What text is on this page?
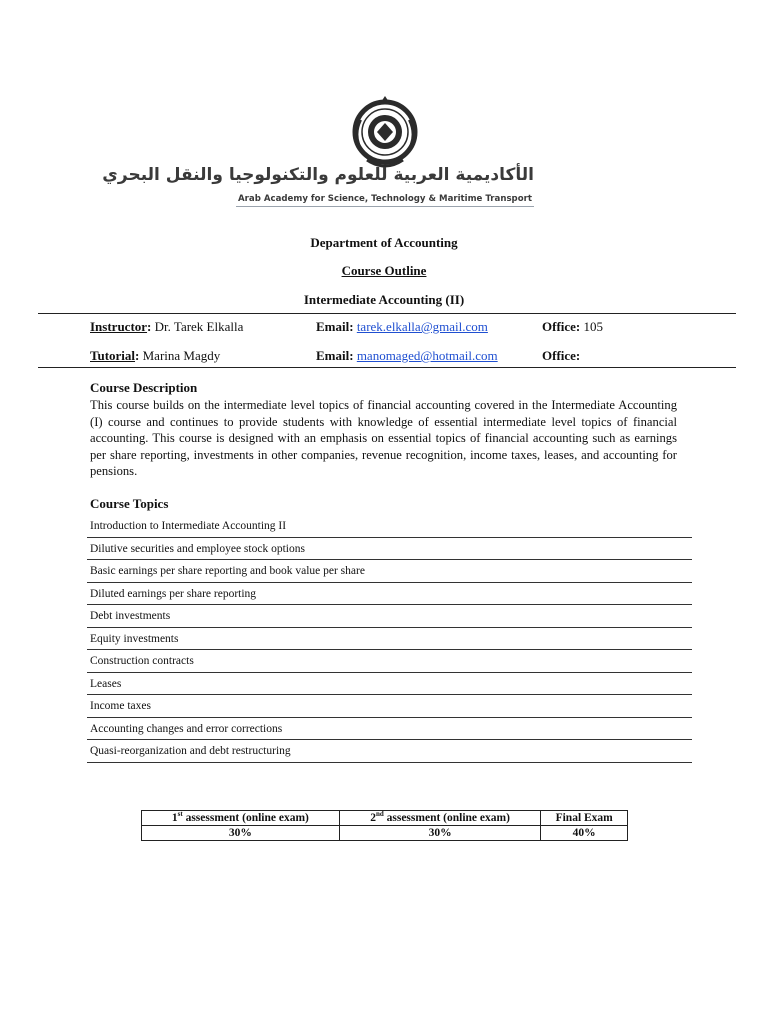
الأكاديمية العربية للعلوم والتكنولوجيا والنقل البحري
Arab Academy for Science, Technology & Maritime Transport
Department of Accounting
Course Outline
Intermediate Accounting (II)
Instructor: Dr. Tarek Elkalla	Email: tarek.elkalla@gmail.com	Office: 105
Tutorial: Marina Magdy	Email: manomaged@hotmail.com	Office:
Course Description
This course builds on the intermediate level topics of financial accounting covered in the Intermediate Accounting (I) course and continues to provide students with knowledge of essential intermediate level topics of financial accounting. This course is designed with an emphasis on essential topics of financial accounting such as earnings per share reporting, investments in other companies, revenue recognition, income taxes, leases, and accounting for pensions.
Course Topics
Introduction to Intermediate Accounting II
Dilutive securities and employee stock options
Basic earnings per share reporting and book value per share
Diluted earnings per share reporting
Debt investments
Equity investments
Construction contracts
Leases
Income taxes
Accounting changes and error corrections
Quasi-reorganization and debt restructuring
1st assessment (online exam)	2nd assessment (online exam)	Final Exam
30%	30%	40%
